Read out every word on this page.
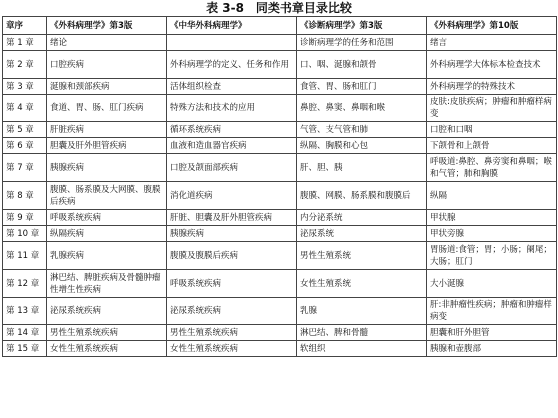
表 3-8　同类书章目录比较
章序	《外科病理学》第3版	《中华外科病理学》	《诊断病理学》第3版	《外科病理学》第10版
第 1 章	绪论		诊断病理学的任务和范围	绪言
第 2 章	口腔疾病	外科病理学的定义、任务和作用	口、咽、涎腺和颌骨	外科病理学大体标本检查技术
第 3 章	涎腺和颈部疾病	活体组织检查	食管、胃、肠和肛门	外科病理学的特殊技术
第 4 章	食道、胃、肠、肛门疾病	特殊方法和技术的应用	鼻腔、鼻窦、鼻咽和喉	皮肤:皮肤疾病；肿瘤和肿瘤样病变
第 5 章	肝脏疾病	循环系统疾病	气管、支气管和肺	口腔和口咽
第 6 章	胆囊及肝外胆管疾病	血液和造血器官疾病	纵隔、胸膜和心包	下颌骨和上颌骨
第 7 章	胰腺疾病	口腔及颌面部疾病	肝、胆、胰	呼吸道:鼻腔、鼻旁窦和鼻咽；喉和气管；肺和胸膜
第 8 章	腹膜、肠系膜及大网膜、腹膜后疾病	消化道疾病	腹膜、网膜、肠系膜和腹膜后	纵隔
第 9 章	呼吸系统疾病	肝脏、胆囊及肝外胆管疾病	内分泌系统	甲状腺
第 10 章	纵隔疾病	胰腺疾病	泌尿系统	甲状旁腺
第 11 章	乳腺疾病	腹膜及腹膜后疾病	男性生殖系统	胃肠道:食管；胃；小肠；阑尾；大肠；肛门
第 12 章	淋巴结、脾脏疾病及骨髓肿瘤性增生性疾病	呼吸系统疾病	女性生殖系统	大小涎腺
第 13 章	泌尿系统疾病	泌尿系统疾病	乳腺	肝:非肿瘤性疾病；肿瘤和肿瘤样病变
第 14 章	男性生殖系统疾病	男性生殖系统疾病	淋巴结、脾和骨髓	胆囊和肝外胆管
第 15 章	女性生殖系统疾病	女性生殖系统疾病	软组织	胰腺和壶腹部
